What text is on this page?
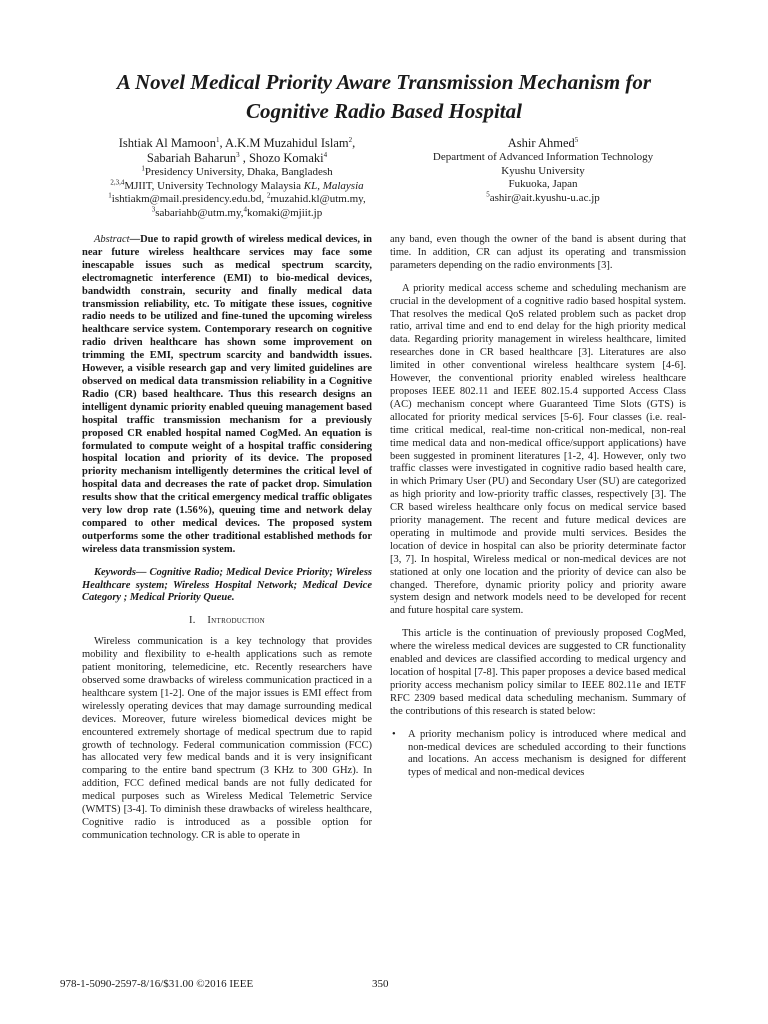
A Novel Medical Priority Aware Transmission Mechanism for
Cognitive Radio Based Hospital
Ishtiak Al Mamoon$^1$, A.K.M Muzahidul Islam$^2$,
Sabariah Baharun$^3$ , Shozo Komaki$^4$
$^1$Presidency University, Dhaka, Bangladesh
$^{2,3,4}$MJIIT, University Technology Malaysia KL, Malaysia
$^1$ishtiakm@mail.presidency.edu.bd, $^2$muzahid.kl@utm.my,
$^3$sabariahb@utm.my,$^4$komaki@mjiit.jp
Ashir Ahmed$^5$
Department of Advanced Information Technology
Kyushu University
Fukuoka, Japan
$^5$ashir@ait.kyushu-u.ac.jp

Abstract—Due to rapid growth of wireless medical devices, in near future wireless healthcare services may face some inescapable issues such as medical spectrum scarcity, electromagnetic interference (EMI) to bio-medical devices, bandwidth constrain, security and finally medical data transmission reliability, etc. To mitigate these issues, cognitive radio needs to be utilized and fine-tuned the upcoming wireless healthcare service system. Contemporary research on cognitive radio driven healthcare has shown some improvement on trimming the EMI, spectrum scarcity and bandwidth issues. However, a visible research gap and very limited guidelines are observed on medical data transmission reliability in a Cognitive Radio (CR) based healthcare. Thus this research designs an intelligent dynamic priority enabled queuing management based hospital traffic transmission mechanism for a previously proposed CR enabled hospital named CogMed. An equation is formulated to compute weight of a hospital traffic considering hospital location and priority of its device. The proposed priority mechanism intelligently determines the critical level of hospital data and decreases the rate of packet drop. Simulation results show that the critical emergency medical traffic obligates very low drop rate (1.56%), queuing time and network delay compared to other medical devices. The proposed system outperforms some the other traditional established methods for wireless data transmission system.

Keywords— Cognitive Radio; Medical Device Priority; Wireless Healthcare system; Wireless Hospital Network; Medical Device Category ; Medical Priority Queue.

I. Introduction

Wireless communication is a key technology that provides mobility and flexibility to e-health applications such as remote patient monitoring, telemedicine, etc. Recently researchers have observed some drawbacks of wireless communication practiced in a healthcare system [1-2]. One of the major issues is EMI effect from wirelessly operating devices that may damage surrounding medical devices. Moreover, future wireless biomedical devices might be encountered extremely shortage of medical spectrum due to rapid growth of technology. Federal communication commission (FCC) has allocated very few medical bands and it is very insignificant comparing to the entire band spectrum (3 KHz to 300 GHz). In addition, FCC defined medical bands are not fully dedicated for medical purposes such as Wireless Medical Telemetric Service (WMTS) [3-4]. To diminish these drawbacks of wireless healthcare, Cognitive radio is introduced as a possible option for communication technology. CR is able to operate in

any band, even though the owner of the band is absent during that time. In addition, CR can adjust its operating and transmission parameters depending on the radio environments [3].

A priority medical access scheme and scheduling mechanism are crucial in the development of a cognitive radio based hospital system. That resolves the medical QoS related problem such as packet drop ratio, arrival time and end to end delay for the high priority medical data. Regarding priority management in wireless healthcare, limited researches done in CR based healthcare [3]. Literatures are also limited in other conventional wireless healthcare system [4-6]. However, the conventional priority enabled wireless healthcare proposes IEEE 802.11 and IEEE 802.15.4 supported Access Class (AC) mechanism concept where Guaranteed Time Slots (GTS) is allocated for priority medical services [5-6]. Four classes (i.e. real-time critical medical, real-time non-critical non-medical, non-real time medical data and non-medical office/support applications) have been suggested in prominent literatures [1-2, 4]. However, only two traffic classes were investigated in cognitive radio based health care, in which Primary User (PU) and Secondary User (SU) are categorized as high priority and low-priority traffic classes, respectively [3]. The CR based wireless healthcare only focus on medical service based priority management. The recent and future medical devices are operating in multimode and provide multi services. Besides the location of device in hospital can also be priority determinate factor [3, 7]. In hospital, Wireless medical or non-medical devices are not stationed at only one location and the priority of device can also be changed. Therefore, dynamic priority policy and priority aware system design and network models need to be developed for recent and future hospital care system.

This article is the continuation of previously proposed CogMed, where the wireless medical devices are suggested to CR functionality enabled and devices are classified according to medical urgency and location of hospital [7-8]. This paper proposes a device based medical priority access mechanism policy similar to IEEE 802.11e and IETF RFC 2309 based medical data scheduling mechanism. Summary of the contributions of this research is stated below:

•	A priority mechanism policy is introduced where medical and non-medical devices are scheduled according to their functions and locations. An access mechanism is designed for different types of medical and non-medical devices
978-1-5090-2597-8/16/$31.00 ©2016 IEEE	350
